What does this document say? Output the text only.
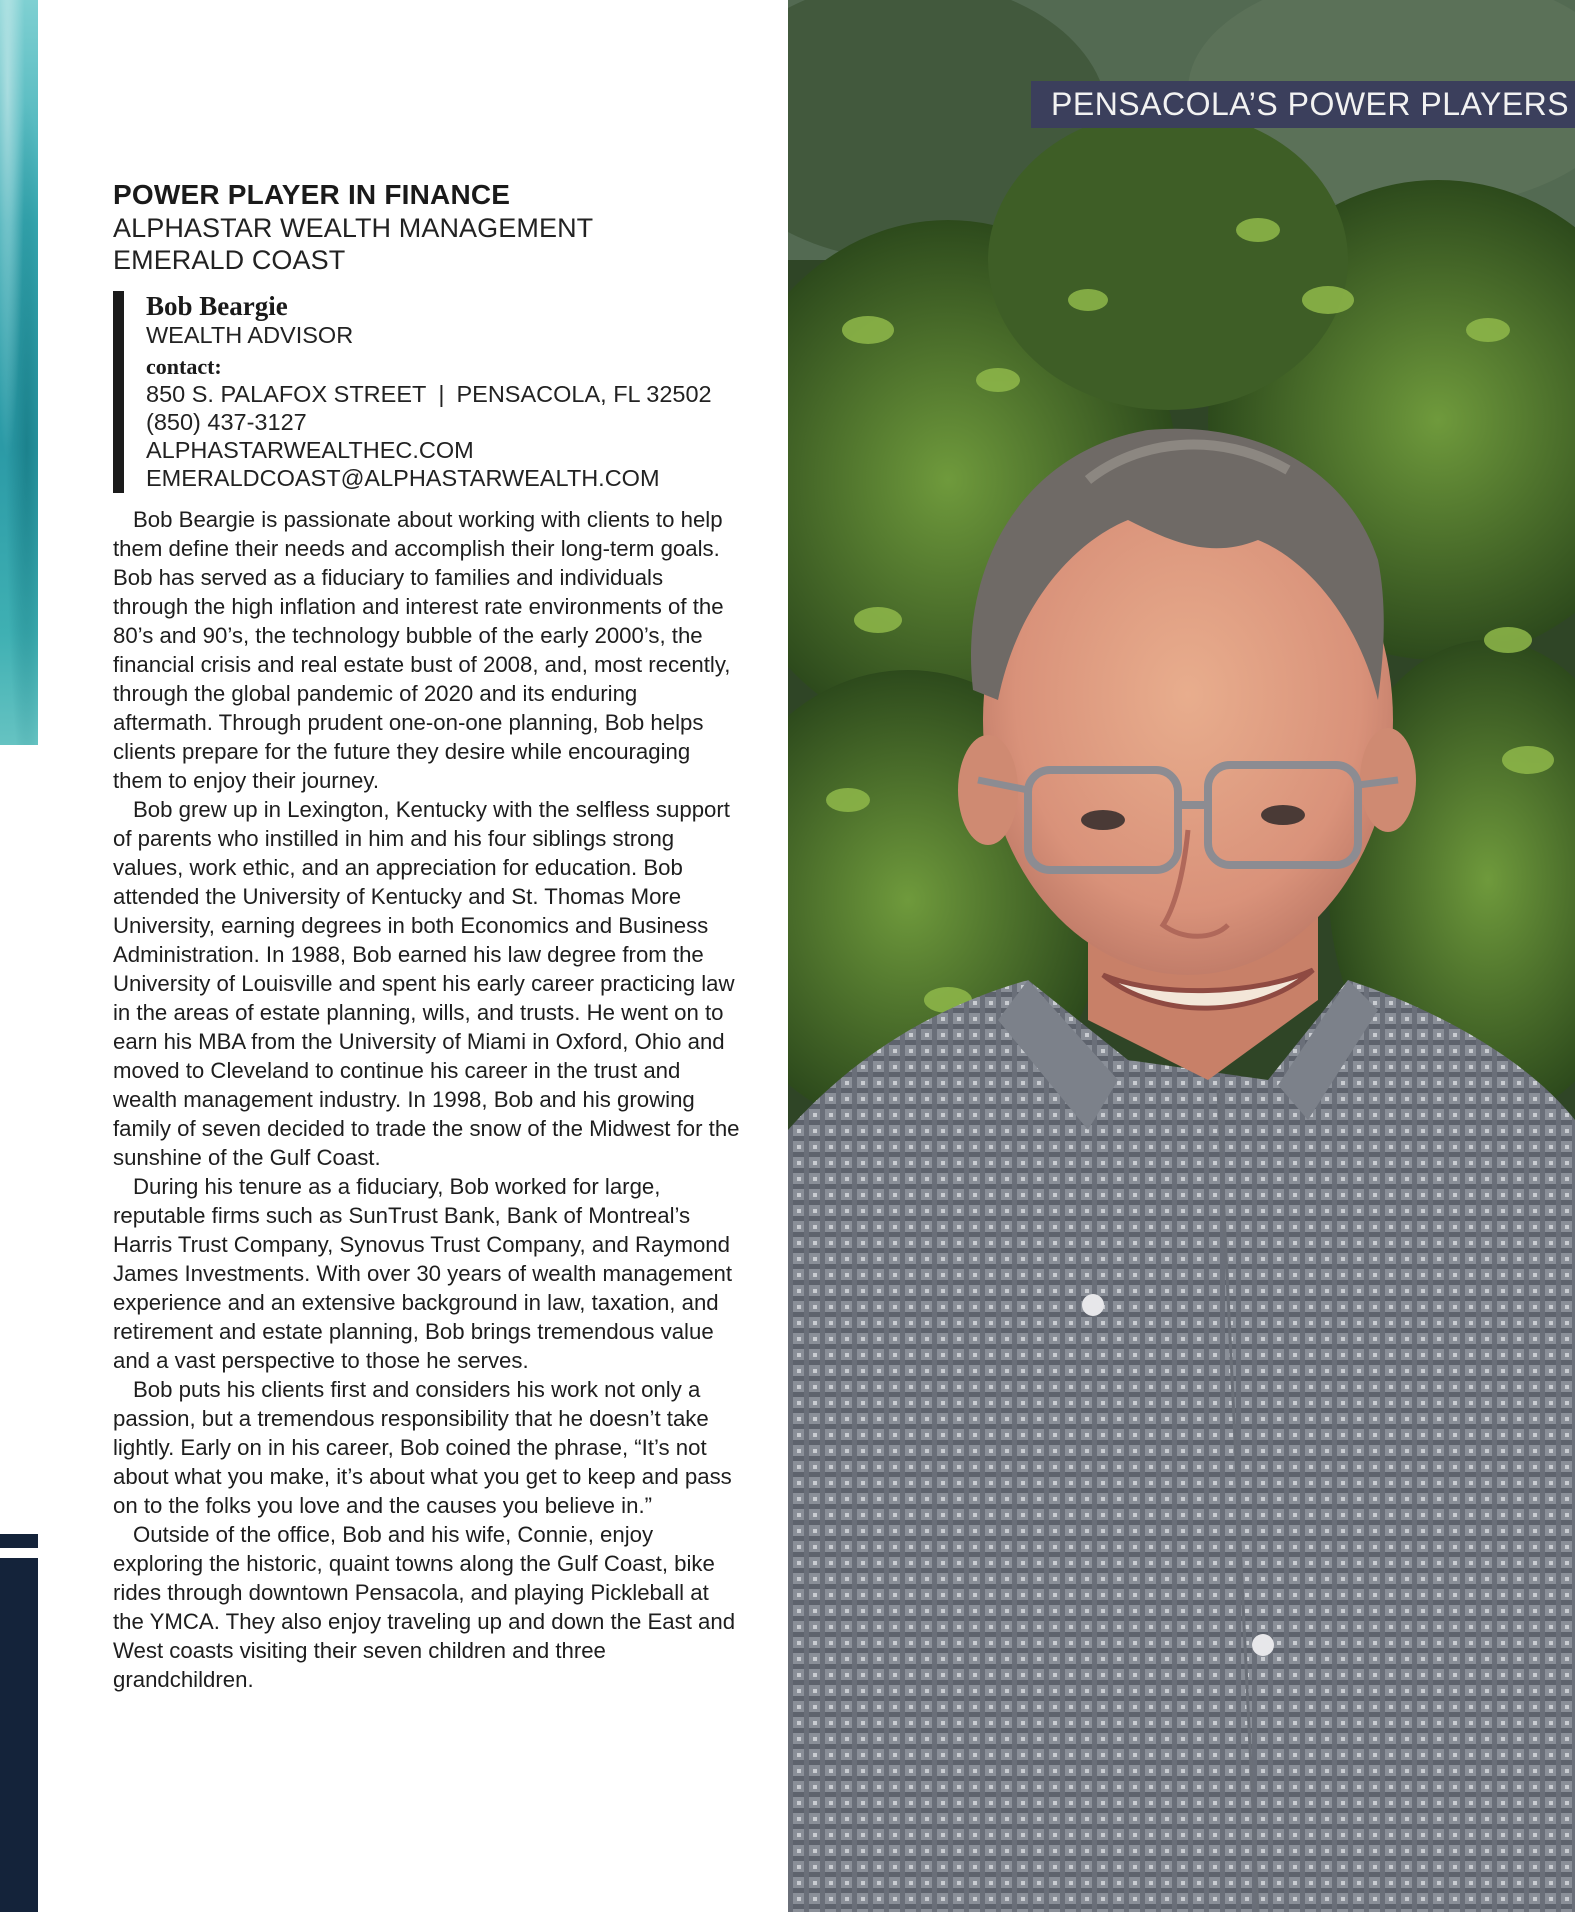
PENSACOLA’S POWER PLAYERS
POWER PLAYER IN FINANCE
ALPHASTAR WEALTH MANAGEMENT
EMERALD COAST
Bob Beargie
WEALTH ADVISOR
contact:
850 S. PALAFOX STREET | PENSACOLA, FL 32502
(850) 437-3127
ALPHASTARWEALTHEC.COM
EMERALDCOAST@ALPHASTARWEALTH.COM

Bob Beargie is passionate about working with clients to help them define their needs and accomplish their long-term goals. Bob has served as a fiduciary to families and individuals through the high inflation and interest rate environments of the 80’s and 90’s, the technology bubble of the early 2000’s, the financial crisis and real estate bust of 2008, and, most recently, through the global pandemic of 2020 and its enduring aftermath. Through prudent one-on-one planning, Bob helps clients prepare for the future they desire while encouraging them to enjoy their journey.

Bob grew up in Lexington, Kentucky with the selfless support of parents who instilled in him and his four siblings strong values, work ethic, and an appreciation for education. Bob attended the University of Kentucky and St. Thomas More University, earning degrees in both Economics and Business Administration. In 1988, Bob earned his law degree from the University of Louisville and spent his early career practicing law in the areas of estate planning, wills, and trusts. He went on to earn his MBA from the University of Miami in Oxford, Ohio and moved to Cleveland to continue his career in the trust and wealth management industry. In 1998, Bob and his growing family of seven decided to trade the snow of the Midwest for the sunshine of the Gulf Coast.

During his tenure as a fiduciary, Bob worked for large, reputable firms such as SunTrust Bank, Bank of Montreal’s Harris Trust Company, Synovus Trust Company, and Raymond James Investments. With over 30 years of wealth management experience and an extensive background in law, taxation, and retirement and estate planning, Bob brings tremendous value and a vast perspective to those he serves.

Bob puts his clients first and considers his work not only a passion, but a tremendous responsibility that he doesn’t take lightly. Early on in his career, Bob coined the phrase, “It’s not about what you make, it’s about what you get to keep and pass on to the folks you love and the causes you believe in.”

Outside of the office, Bob and his wife, Connie, enjoy exploring the historic, quaint towns along the Gulf Coast, bike rides through downtown Pensacola, and playing Pickleball at the YMCA. They also enjoy traveling up and down the East and West coasts visiting their seven children and three grandchildren.
